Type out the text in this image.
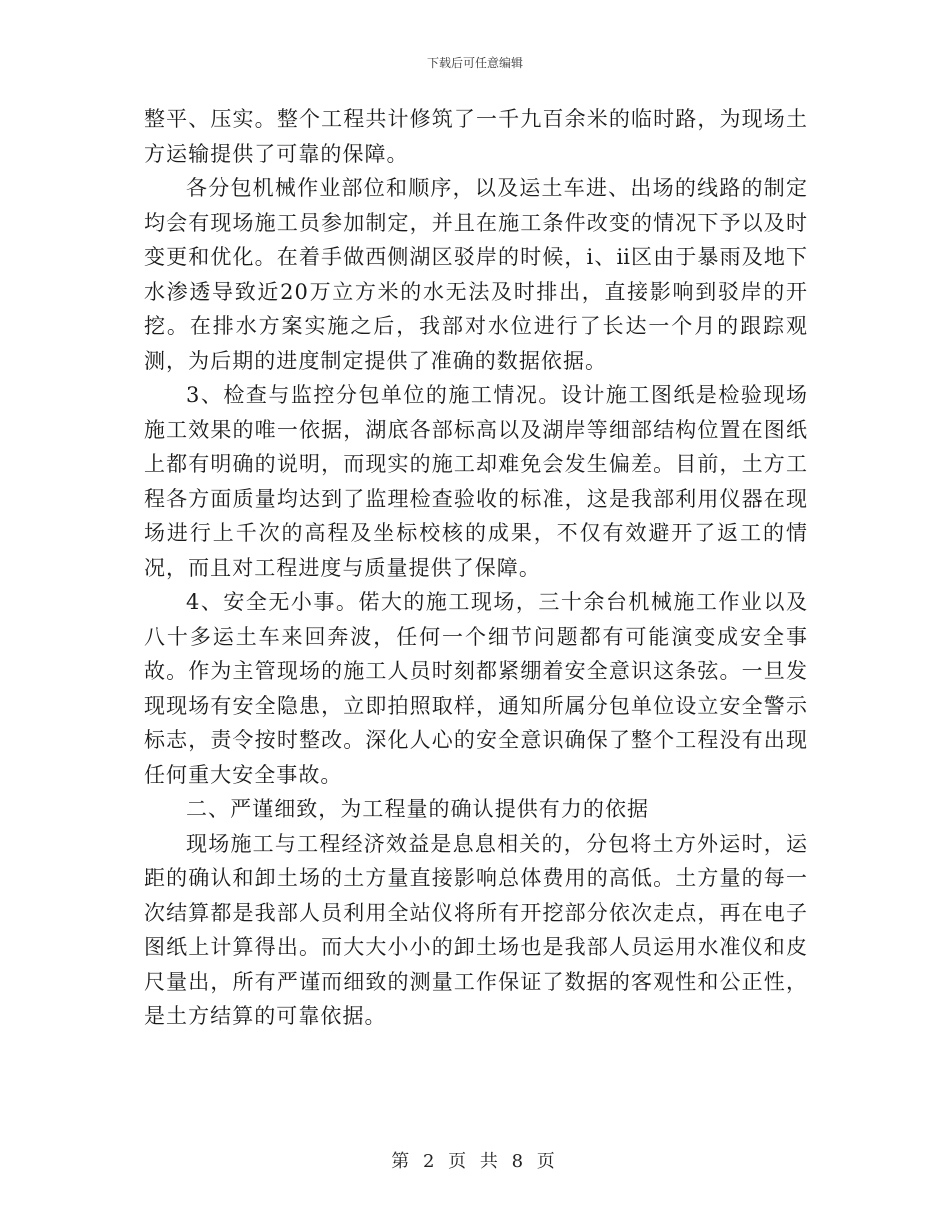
下载后可任意编辑

整平、压实。整个工程共计修筑了一千九百余米的临时路，为现场土方运输提供了可靠的保障。

各分包机械作业部位和顺序，以及运土车进、出场的线路的制定均会有现场施工员参加制定，并且在施工条件改变的情况下予以及时变更和优化。在着手做西侧湖区驳岸的时候，ⅰ、ⅱ区由于暴雨及地下水渗透导致近20万立方米的水无法及时排出，直接影响到驳岸的开挖。在排水方案实施之后，我部对水位进行了长达一个月的跟踪观测，为后期的进度制定提供了准确的数据依据。

3、检查与监控分包单位的施工情况。设计施工图纸是检验现场施工效果的唯一依据，湖底各部标高以及湖岸等细部结构位置在图纸上都有明确的说明，而现实的施工却难免会发生偏差。目前，土方工程各方面质量均达到了监理检查验收的标准，这是我部利用仪器在现场进行上千次的高程及坐标校核的成果，不仅有效避开了返工的情况，而且对工程进度与质量提供了保障。

4、安全无小事。偌大的施工现场，三十余台机械施工作业以及八十多运土车来回奔波，任何一个细节问题都有可能演变成安全事故。作为主管现场的施工人员时刻都紧绷着安全意识这条弦。一旦发现现场有安全隐患，立即拍照取样，通知所属分包单位设立安全警示标志，责令按时整改。深化人心的安全意识确保了整个工程没有出现任何重大安全事故。

二、严谨细致，为工程量的确认提供有力的依据

现场施工与工程经济效益是息息相关的，分包将土方外运时，运距的确认和卸土场的土方量直接影响总体费用的高低。土方量的每一次结算都是我部人员利用全站仪将所有开挖部分依次走点，再在电子图纸上计算得出。而大大小小的卸土场也是我部人员运用水准仪和皮尺量出，所有严谨而细致的测量工作保证了数据的客观性和公正性，是土方结算的可靠依据。

第 2 页 共 8 页
